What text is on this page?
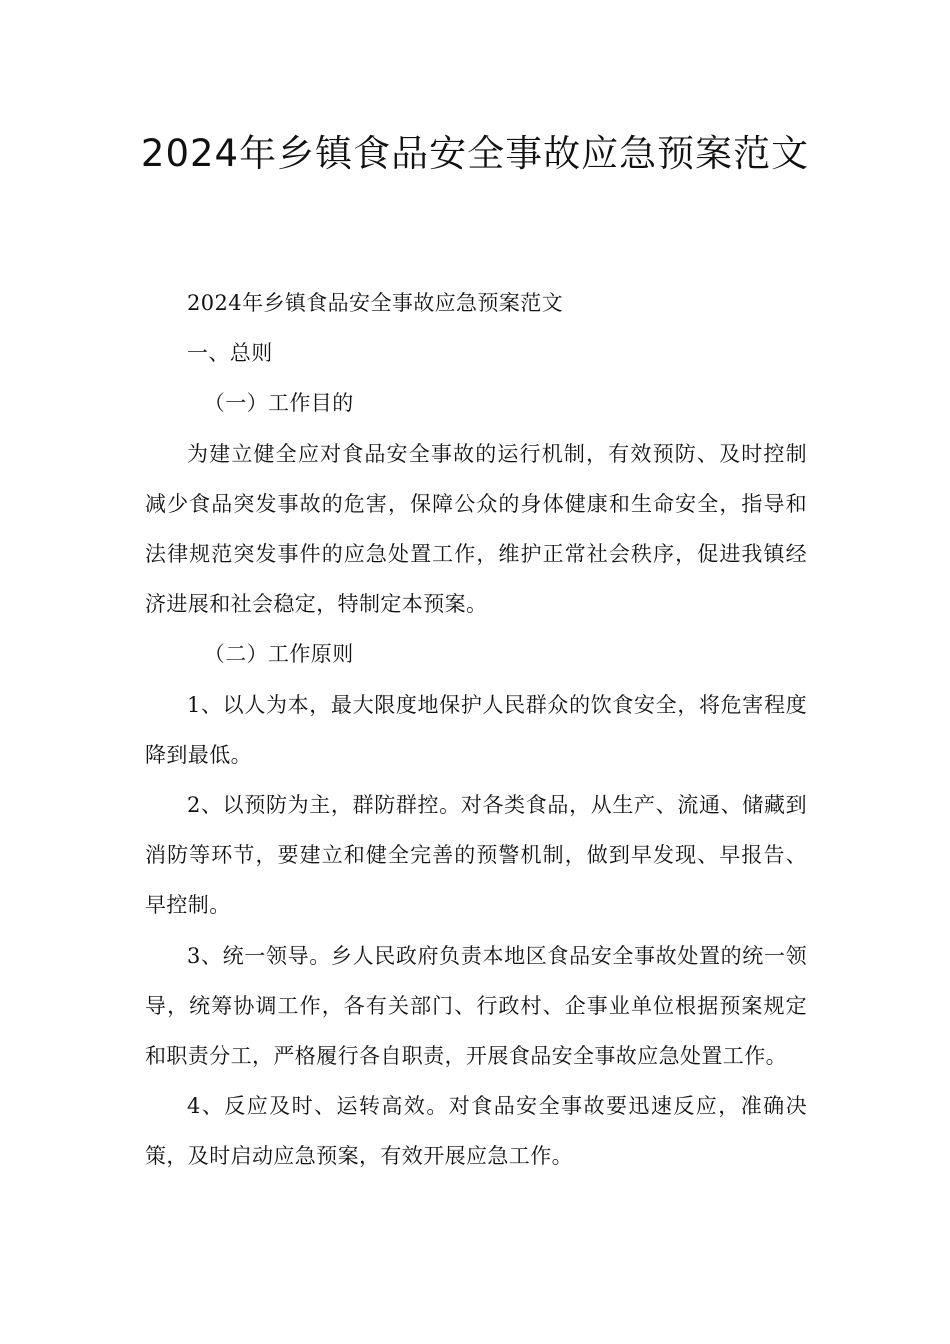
2024年乡镇食品安全事故应急预案范文

2024年乡镇食品安全事故应急预案范文

一、总则

（一）工作目的

为建立健全应对食品安全事故的运行机制，有效预防、及时控制减少食品突发事故的危害，保障公众的身体健康和生命安全，指导和法律规范突发事件的应急处置工作，维护正常社会秩序，促进我镇经济进展和社会稳定，特制定本预案。

（二）工作原则

1、以人为本，最大限度地保护人民群众的饮食安全，将危害程度降到最低。

2、以预防为主，群防群控。对各类食品，从生产、流通、储藏到消防等环节，要建立和健全完善的预警机制，做到早发现、早报告、早控制。

3、统一领导。乡人民政府负责本地区食品安全事故处置的统一领导，统筹协调工作，各有关部门、行政村、企事业单位根据预案规定和职责分工，严格履行各自职责，开展食品安全事故应急处置工作。

4、反应及时、运转高效。对食品安全事故要迅速反应，准确决策，及时启动应急预案，有效开展应急工作。
